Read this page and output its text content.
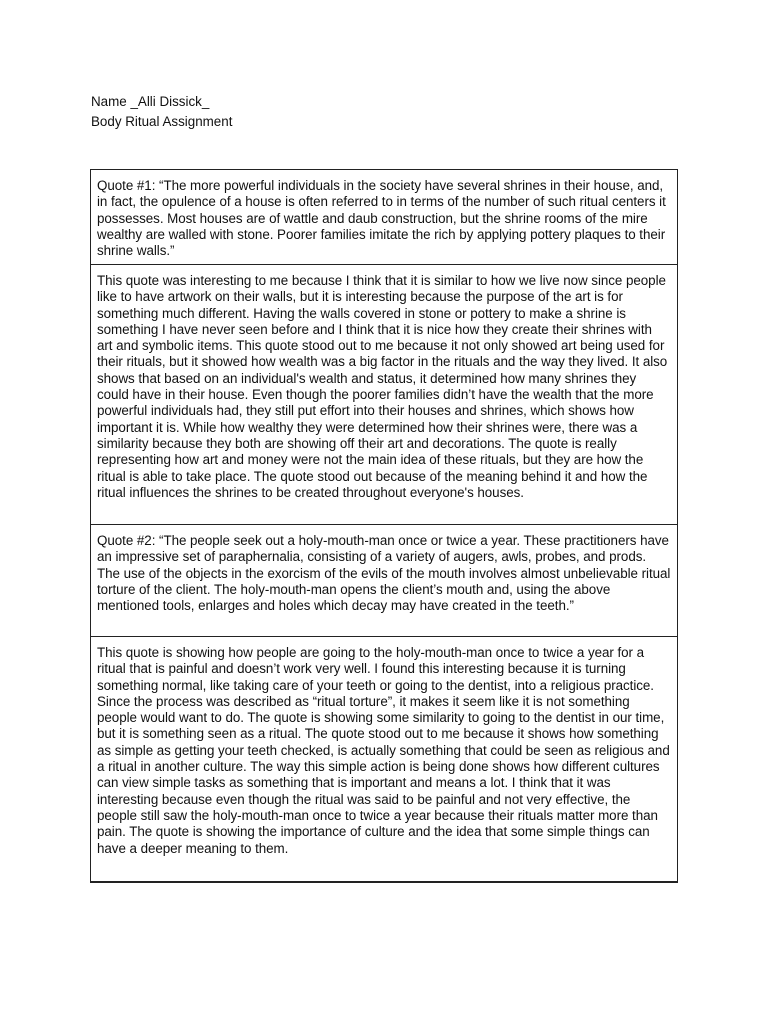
Name _Alli Dissick_
Body Ritual Assignment
Quote #1: “The more powerful individuals in the society have several shrines in their house, and, in fact, the opulence of a house is often referred to in terms of the number of such ritual centers it possesses. Most houses are of wattle and daub construction, but the shrine rooms of the mire wealthy are walled with stone. Poorer families imitate the rich by applying pottery plaques to their shrine walls.”
This quote was interesting to me because I think that it is similar to how we live now since people like to have artwork on their walls, but it is interesting because the purpose of the art is for something much different. Having the walls covered in stone or pottery to make a shrine is something I have never seen before and I think that it is nice how they create their shrines with art and symbolic items. This quote stood out to me because it not only showed art being used for their rituals, but it showed how wealth was a big factor in the rituals and the way they lived. It also shows that based on an individual's wealth and status, it determined how many shrines they could have in their house. Even though the poorer families didn’t have the wealth that the more powerful individuals had, they still put effort into their houses and shrines, which shows how important it is. While how wealthy they were determined how their shrines were, there was a similarity because they both are showing off their art and decorations. The quote is really representing how art and money were not the main idea of these rituals, but they are how the ritual is able to take place. The quote stood out because of the meaning behind it and how the ritual influences the shrines to be created throughout everyone's houses.
Quote #2: “The people seek out a holy-mouth-man once or twice a year. These practitioners have an impressive set of paraphernalia, consisting of a variety of augers, awls, probes, and prods. The use of the objects in the exorcism of the evils of the mouth involves almost unbelievable ritual torture of the client. The holy-mouth-man opens the client’s mouth and, using the above mentioned tools, enlarges and holes which decay may have created in the teeth.”
This quote is showing how people are going to the holy-mouth-man once to twice a year for a ritual that is painful and doesn’t work very well. I found this interesting because it is turning something normal, like taking care of your teeth or going to the dentist, into a religious practice. Since the process was described as “ritual torture”, it makes it seem like it is not something people would want to do. The quote is showing some similarity to going to the dentist in our time, but it is something seen as a ritual. The quote stood out to me because it shows how something as simple as getting your teeth checked, is actually something that could be seen as religious and a ritual in another culture. The way this simple action is being done shows how different cultures can view simple tasks as something that is important and means a lot. I think that it was interesting because even though the ritual was said to be painful and not very effective, the people still saw the holy-mouth-man once to twice a year because their rituals matter more than pain. The quote is showing the importance of culture and the idea that some simple things can have a deeper meaning to them.
